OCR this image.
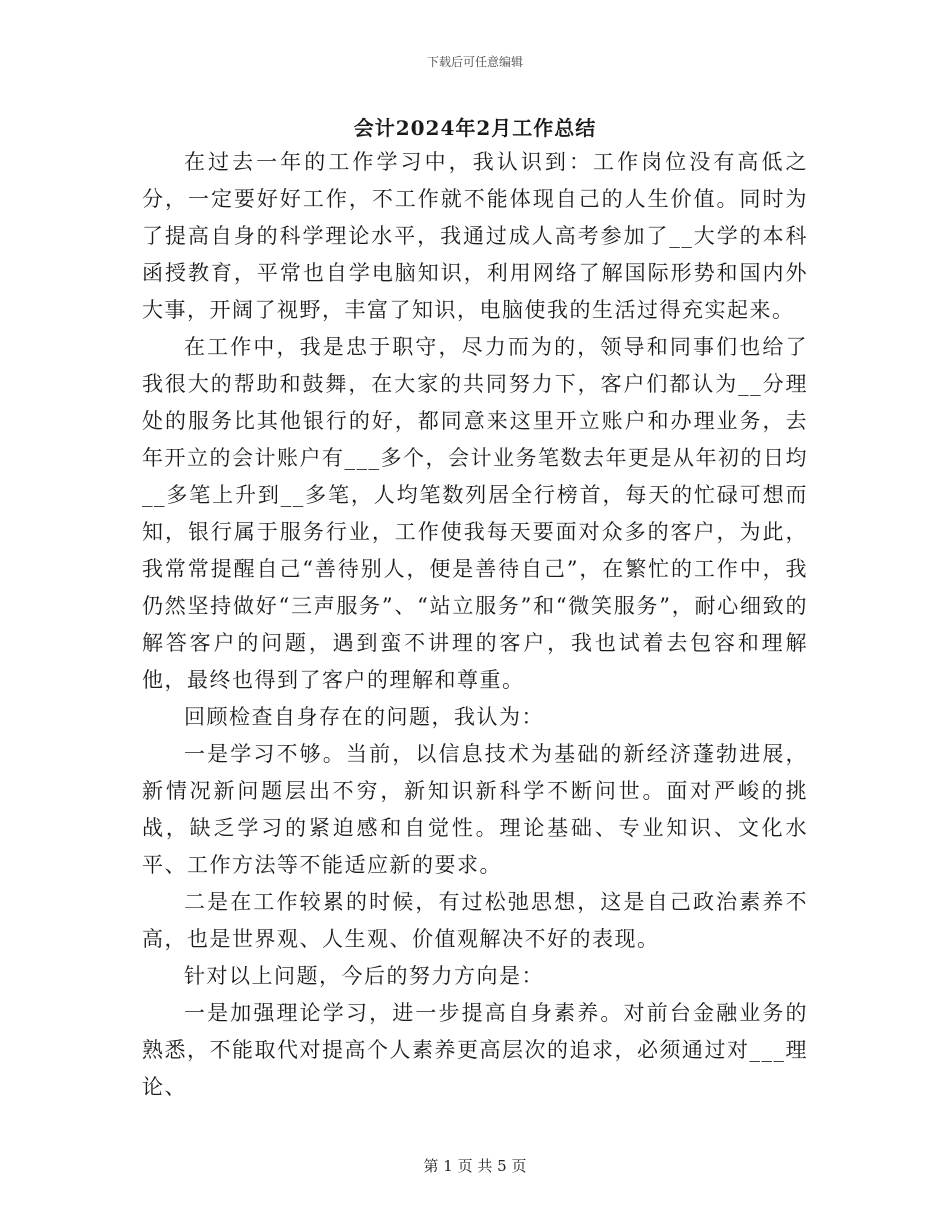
下载后可任意编辑
会计2024年2月工作总结

在过去一年的工作学习中，我认识到：工作岗位没有高低之分，一定要好好工作，不工作就不能体现自己的人生价值。同时为了提高自身的科学理论水平，我通过成人高考参加了__大学的本科函授教育，平常也自学电脑知识，利用网络了解国际形势和国内外大事，开阔了视野，丰富了知识，电脑使我的生活过得充实起来。

在工作中，我是忠于职守，尽力而为的，领导和同事们也给了我很大的帮助和鼓舞，在大家的共同努力下，客户们都认为__分理处的服务比其他银行的好，都同意来这里开立账户和办理业务，去年开立的会计账户有___多个，会计业务笔数去年更是从年初的日均__多笔上升到__多笔，人均笔数列居全行榜首，每天的忙碌可想而知，银行属于服务行业，工作使我每天要面对众多的客户，为此，我常常提醒自己“善待别人，便是善待自己”，在繁忙的工作中，我仍然坚持做好“三声服务”、“站立服务”和“微笑服务”，耐心细致的解答客户的问题，遇到蛮不讲理的客户，我也试着去包容和理解他，最终也得到了客户的理解和尊重。

回顾检查自身存在的问题，我认为：

一是学习不够。当前，以信息技术为基础的新经济蓬勃进展，新情况新问题层出不穷，新知识新科学不断问世。面对严峻的挑战，缺乏学习的紧迫感和自觉性。理论基础、专业知识、文化水平、工作方法等不能适应新的要求。

二是在工作较累的时候，有过松弛思想，这是自己政治素养不高，也是世界观、人生观、价值观解决不好的表现。

针对以上问题，今后的努力方向是：

一是加强理论学习，进一步提高自身素养。对前台金融业务的熟悉，不能取代对提高个人素养更高层次的追求，必须通过对___理论、

第 1 页 共 5 页
